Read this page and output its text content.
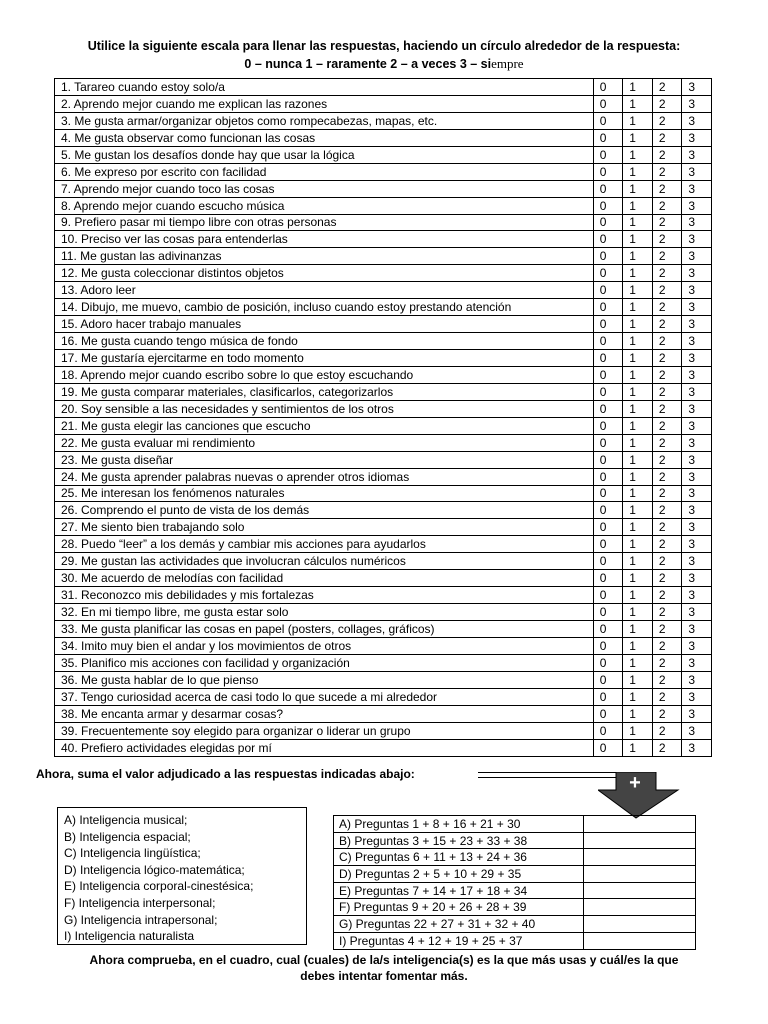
Utilice la siguiente escala para llenar las respuestas, haciendo un círculo alrededor de la respuesta:
0 – nunca 1 – raramente 2 – a veces 3 – siempre
1. Tarareo cuando estoy solo/a	0	1	2	3
2. Aprendo mejor cuando me explican las razones	0	1	2	3
3. Me gusta armar/organizar objetos como rompecabezas, mapas, etc.	0	1	2	3
4. Me gusta observar como funcionan las cosas	0	1	2	3
5. Me gustan los desafíos donde hay que usar la lógica	0	1	2	3
6. Me expreso por escrito con facilidad	0	1	2	3
7. Aprendo mejor cuando toco las cosas	0	1	2	3
8. Aprendo mejor cuando escucho música	0	1	2	3
9. Prefiero pasar mi tiempo libre con otras personas	0	1	2	3
10. Preciso ver las cosas para entenderlas	0	1	2	3
11. Me gustan las adivinanzas	0	1	2	3
12. Me gusta coleccionar distintos objetos	0	1	2	3
13. Adoro leer	0	1	2	3
14. Dibujo, me muevo, cambio de posición, incluso cuando estoy prestando atención	0	1	2	3
15. Adoro hacer trabajo manuales	0	1	2	3
16. Me gusta cuando tengo música de fondo	0	1	2	3
17. Me gustaría ejercitarme en todo momento	0	1	2	3
18. Aprendo mejor cuando escribo sobre lo que estoy escuchando	0	1	2	3
19. Me gusta comparar materiales, clasificarlos, categorizarlos	0	1	2	3
20. Soy sensible a las necesidades y sentimientos de los otros	0	1	2	3
21. Me gusta elegir las canciones que escucho	0	1	2	3
22. Me gusta evaluar mi rendimiento	0	1	2	3
23. Me gusta diseñar	0	1	2	3
24. Me gusta aprender palabras nuevas o aprender otros idiomas	0	1	2	3
25. Me interesan los fenómenos naturales	0	1	2	3
26. Comprendo el punto de vista de los demás	0	1	2	3
27. Me siento bien trabajando solo	0	1	2	3
28. Puedo “leer” a los demás y cambiar mis acciones para ayudarlos	0	1	2	3
29. Me gustan las actividades que involucran cálculos numéricos	0	1	2	3
30. Me acuerdo de melodías con facilidad	0	1	2	3
31. Reconozco mis debilidades y mis fortalezas	0	1	2	3
32. En mi tiempo libre, me gusta estar solo	0	1	2	3
33. Me gusta planificar las cosas en papel (posters, collages, gráficos)	0	1	2	3
34. Imito muy bien el andar y los movimientos de otros	0	1	2	3
35. Planifico mis acciones con facilidad y organización	0	1	2	3
36. Me gusta hablar de lo que pienso	0	1	2	3
37. Tengo curiosidad acerca de casi todo lo que sucede a mi alrededor	0	1	2	3
38. Me encanta armar y desarmar cosas?	0	1	2	3
39. Frecuentemente soy elegido para organizar o liderar un grupo	0	1	2	3
40. Prefiero actividades elegidas por mí	0	1	2	3
Ahora, suma el valor adjudicado a las respuestas indicadas abajo:	+
A) Inteligencia musical;
B) Inteligencia espacial;
C) Inteligencia lingüística;
D) Inteligencia lógico-matemática;
E) Inteligencia corporal-cinestésica;
F) Inteligencia interpersonal;
G) Inteligencia intrapersonal;
I) Inteligencia naturalista
A) Preguntas 1 + 8 + 16 + 21 + 30	
B) Preguntas 3 + 15 + 23 + 33 + 38	
C) Preguntas 6 + 11 + 13 + 24 + 36	
D) Preguntas 2 + 5 + 10 + 29 + 35	
E) Preguntas 7 + 14 + 17 + 18 + 34	
F) Preguntas 9 + 20 + 26 + 28 + 39	
G) Preguntas 22 + 27 + 31 + 32 + 40	
I) Preguntas 4 + 12 + 19 + 25 + 37	
Ahora comprueba, en el cuadro, cual (cuales) de la/s inteligencia(s) es la que más usas y cuál/es la que
debes intentar fomentar más.
